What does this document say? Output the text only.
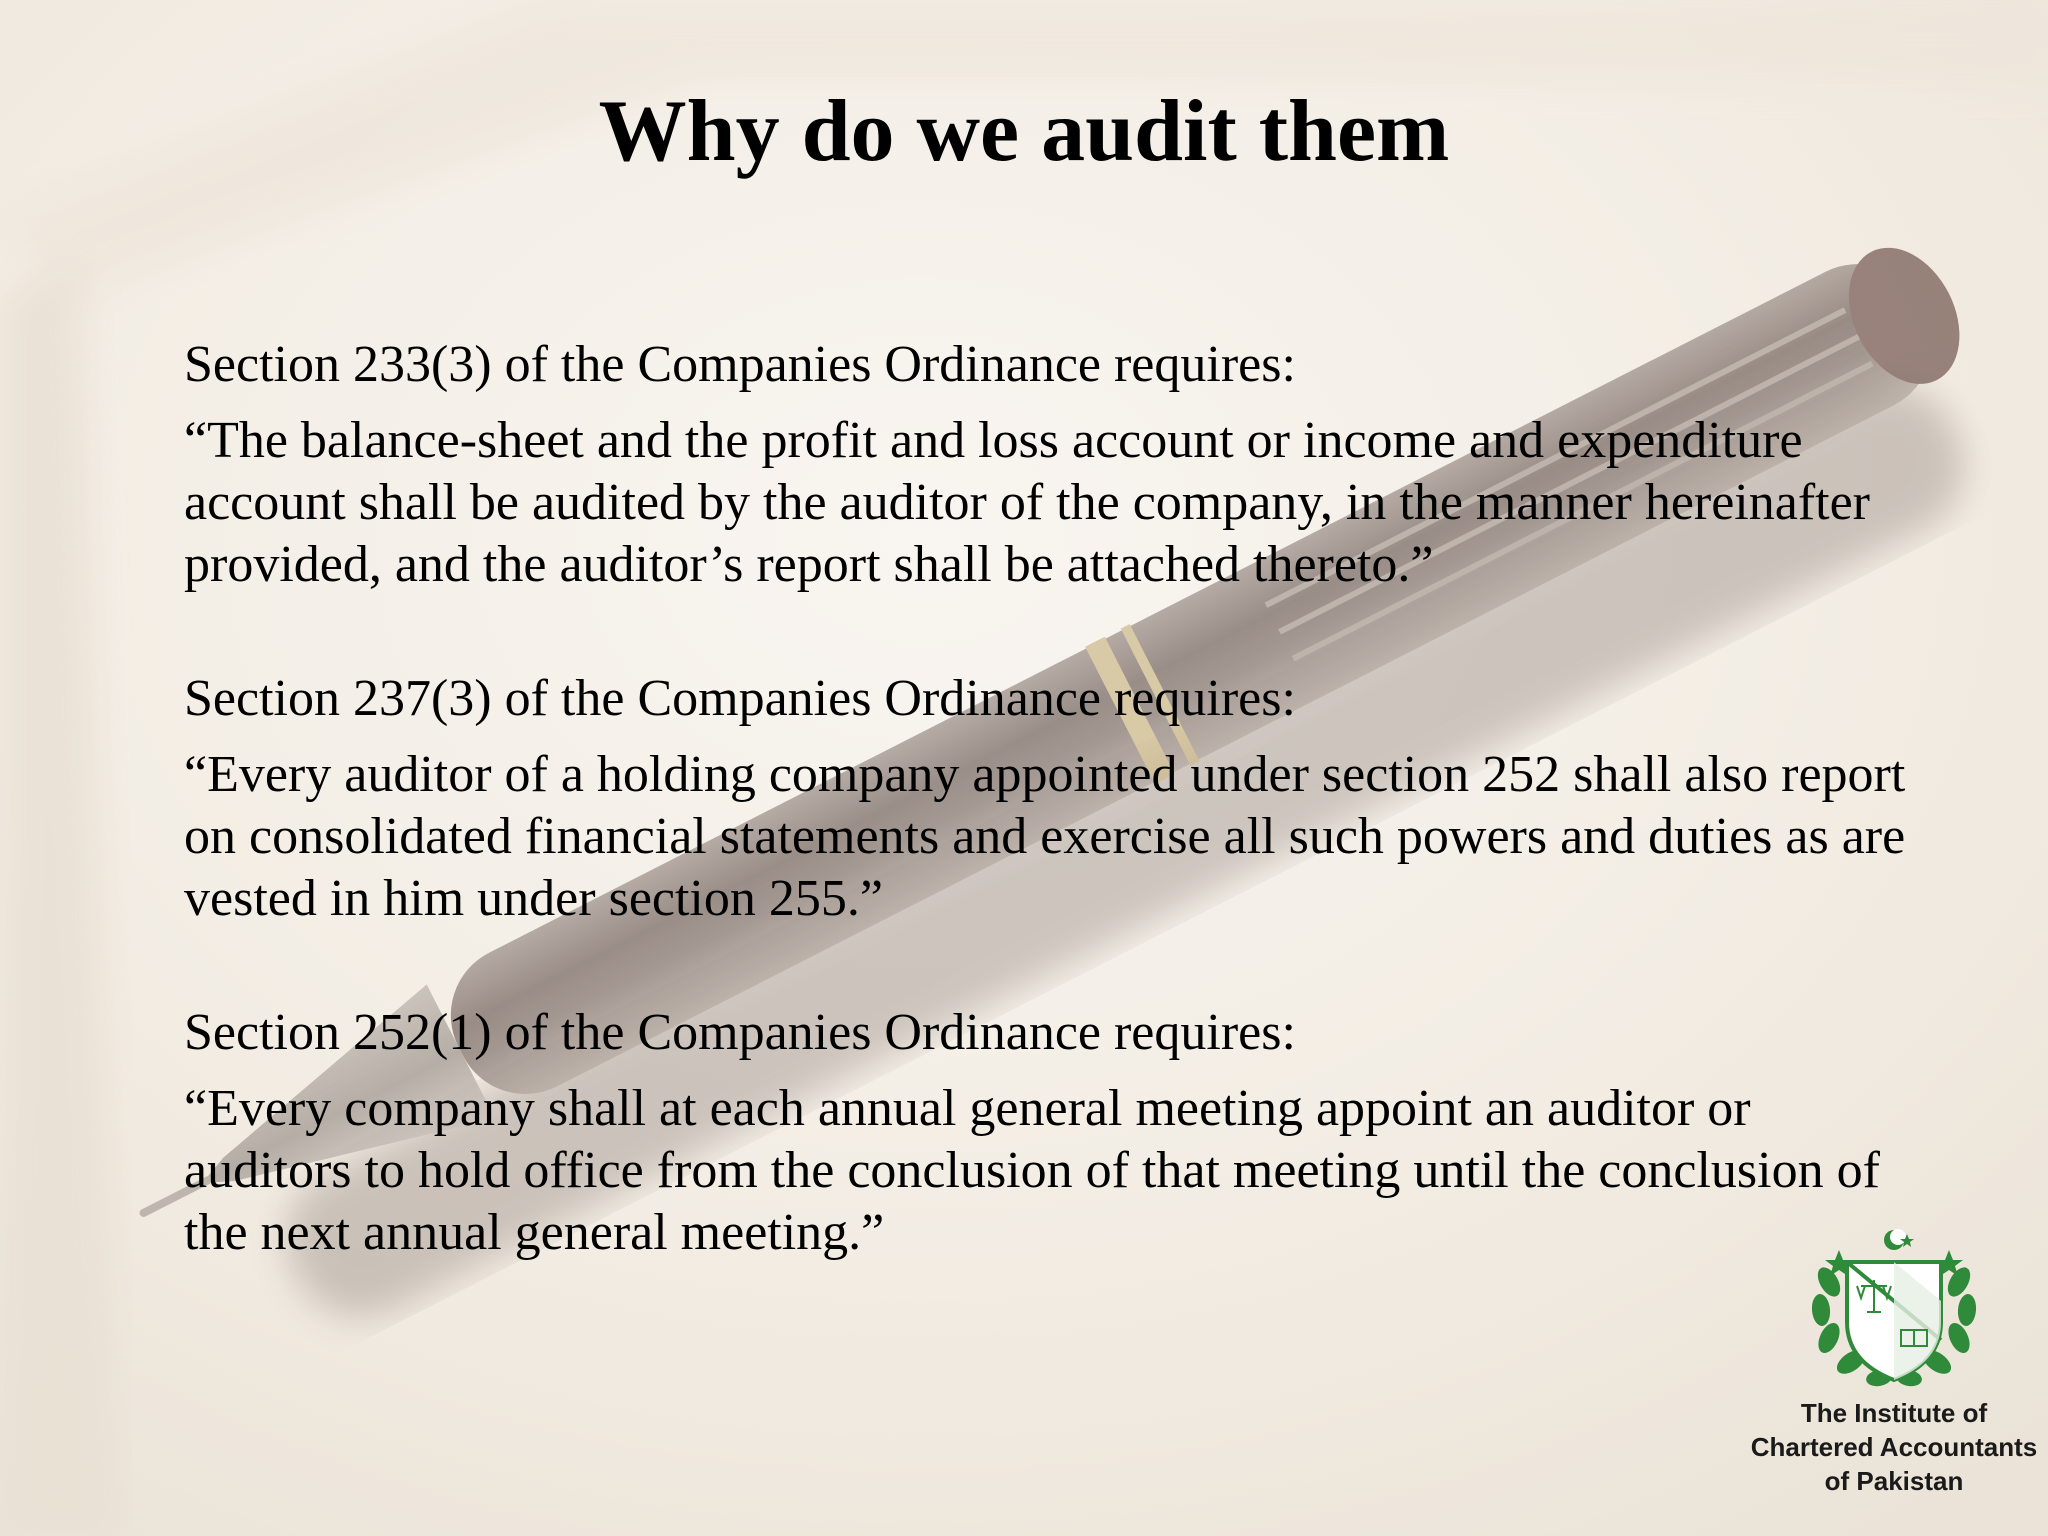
Why do we audit them

Section 233(3) of the Companies Ordinance requires:

“The balance-sheet and the profit and loss account or income and expenditure account shall be audited by the auditor of the company, in the manner hereinafter provided, and the auditor’s report shall be attached thereto.”

Section 237(3) of the Companies Ordinance requires:

“Every auditor of a holding company appointed under section 252 shall also report on consolidated financial statements and exercise all such powers and duties as are vested in him under section 255.”

Section 252(1) of the Companies Ordinance requires:

“Every company shall at each annual general meeting appoint an auditor or auditors to hold office from the conclusion of that meeting until the conclusion of the next annual general meeting.”

The Institute of
Chartered Accountants
of Pakistan
